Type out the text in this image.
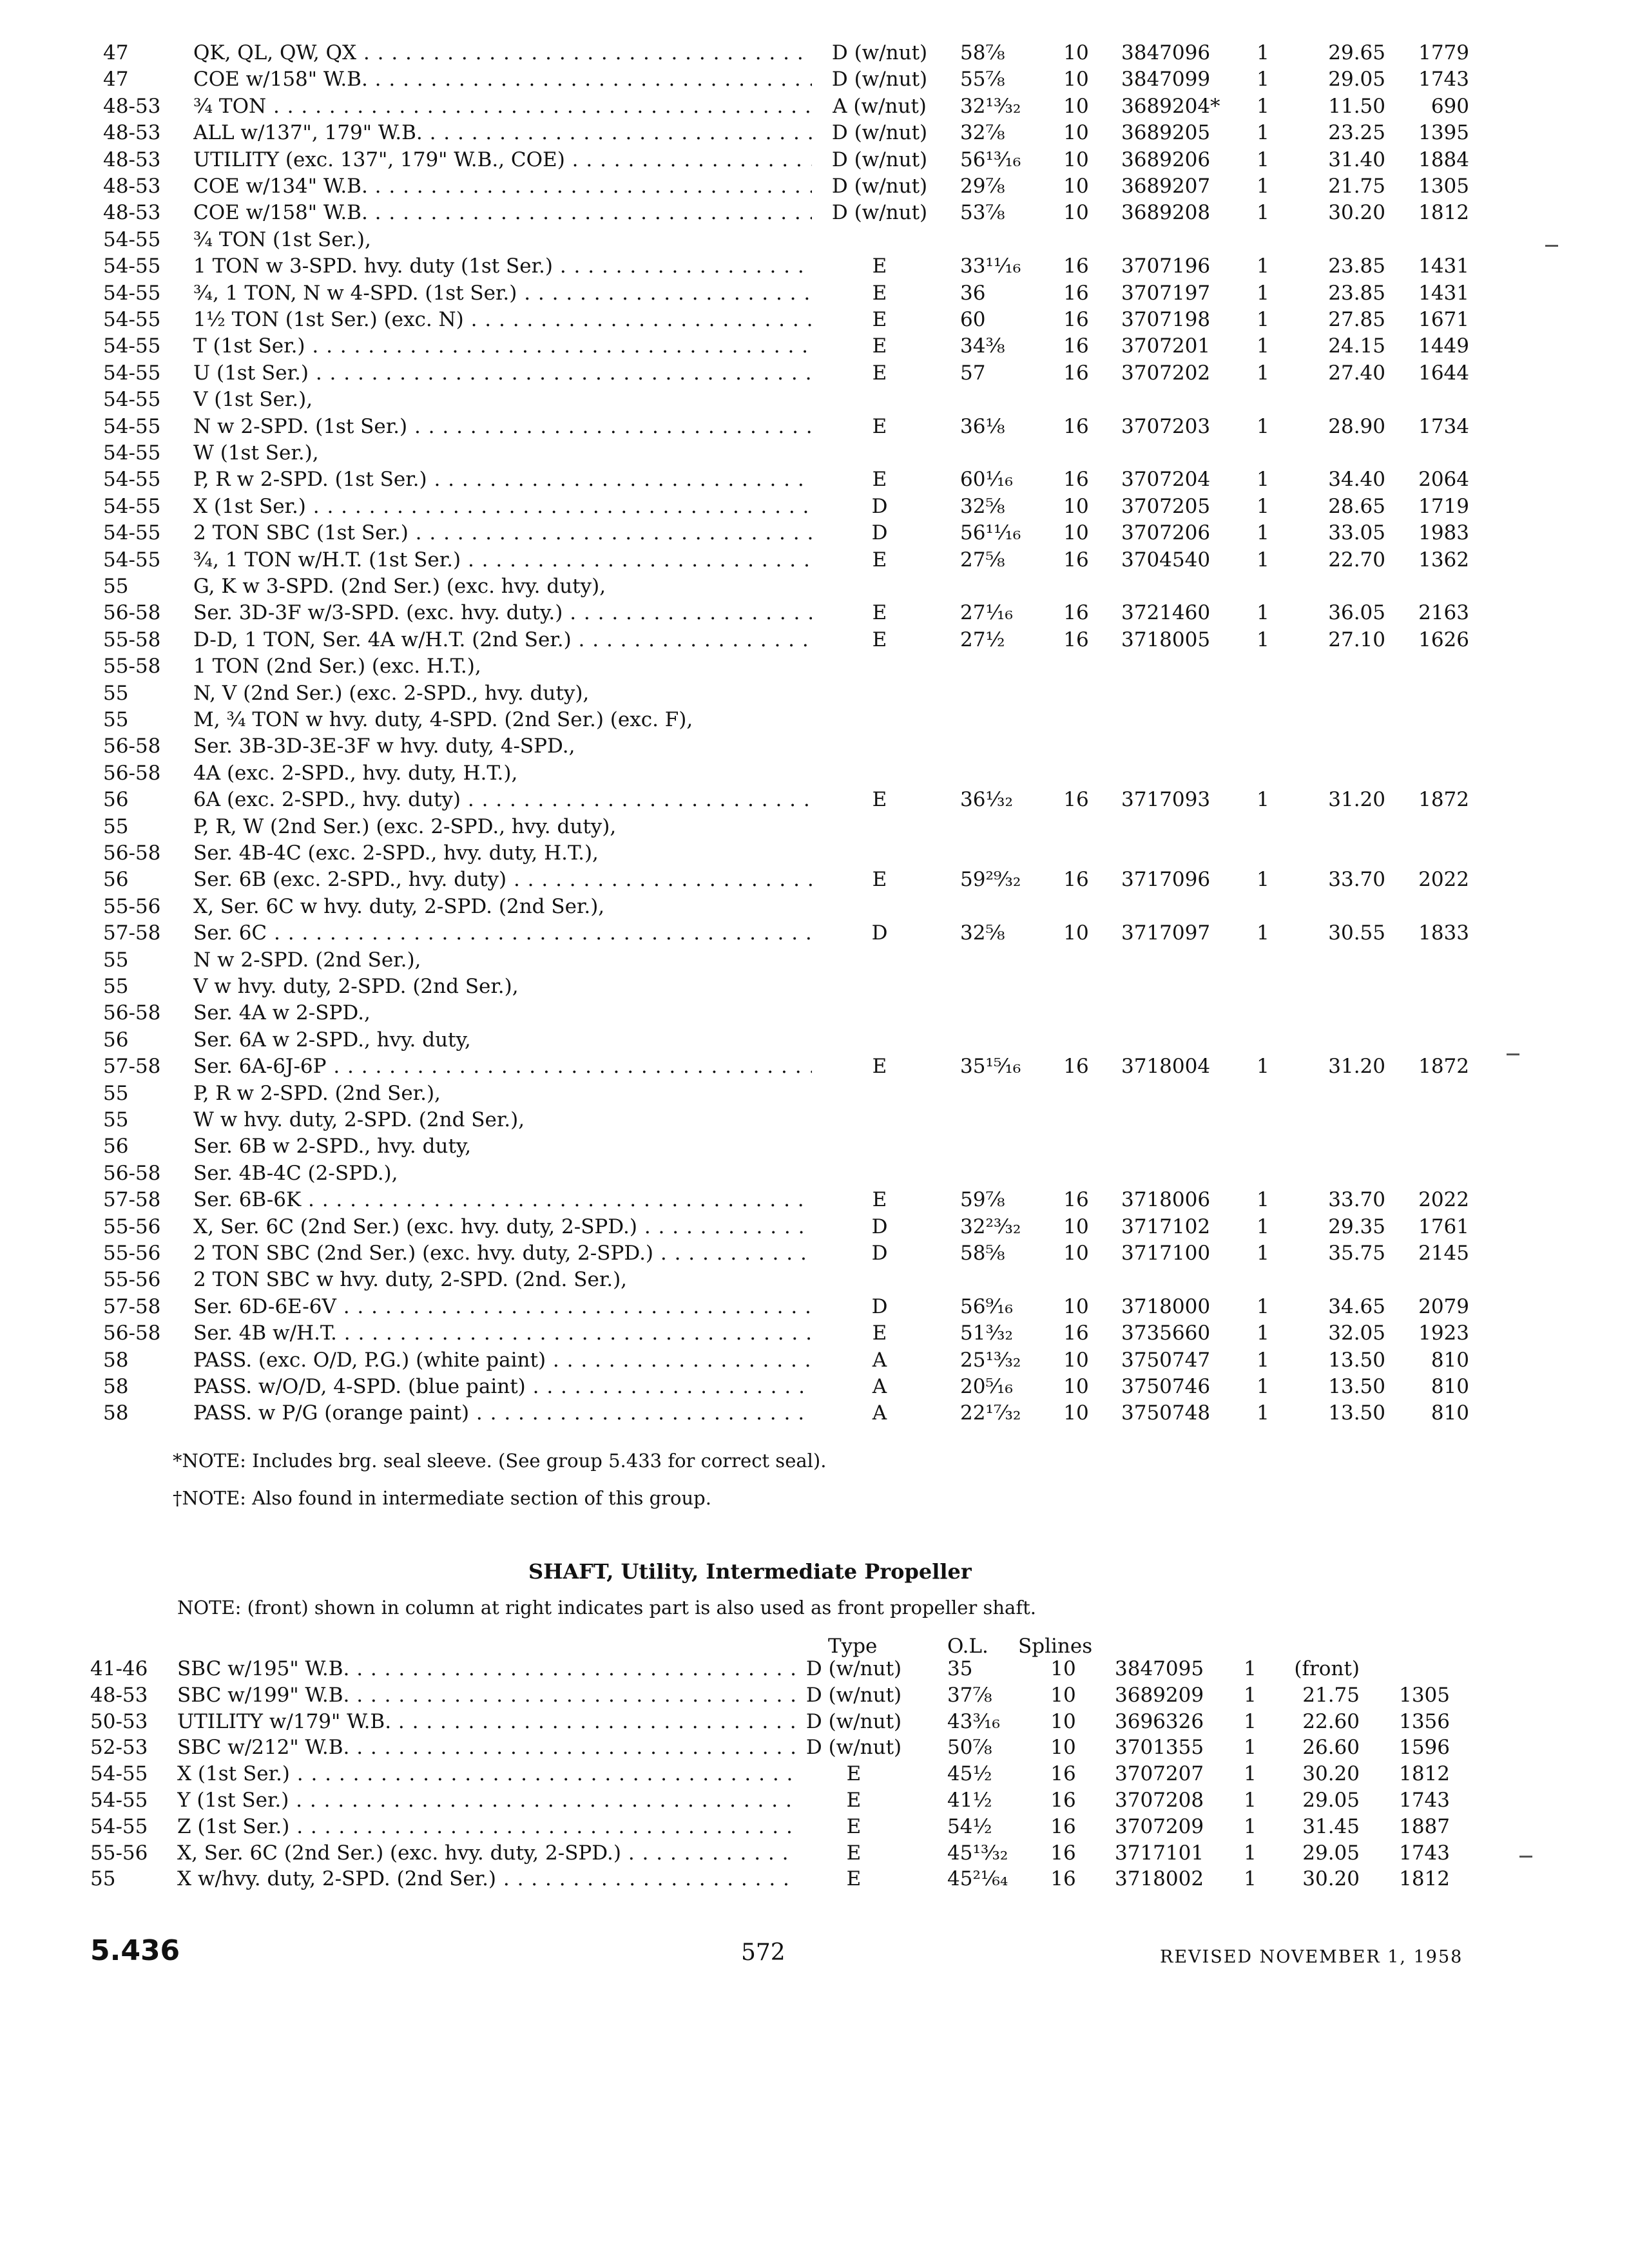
47	QK, QL, QW, QX . . .	D (w/nut)	58⅞	10	3847096	1	29.65	1779
47	COE w/158" W.B. . . .	D (w/nut)	55⅞	10	3847099	1	29.05	1743
48-53	¾ TON . . .	A (w/nut)	32¹³⁄₃₂	10	3689204*	1	11.50	690
48-53	ALL w/137", 179" W.B. . . .	D (w/nut)	32⅞	10	3689205	1	23.25	1395
48-53	UTILITY (exc. 137", 179" W.B., COE) . . .	D (w/nut)	56¹³⁄₁₆	10	3689206	1	31.40	1884
48-53	COE w/134" W.B. . . .	D (w/nut)	29⅞	10	3689207	1	21.75	1305
48-53	COE w/158" W.B. . . .	D (w/nut)	53⅞	10	3689208	1	30.20	1812
54-55	¾ TON (1st Ser.),
54-55	1 TON w 3-SPD. hvy. duty (1st Ser.) . . .	E	33¹¹⁄₁₆	16	3707196	1	23.85	1431
54-55	¾, 1 TON, N w 4-SPD. (1st Ser.) . . .	E	36	16	3707197	1	23.85	1431
54-55	1½ TON (1st Ser.) (exc. N) . . .	E	60	16	3707198	1	27.85	1671
54-55	T (1st Ser.) . . .	E	34⅜	16	3707201	1	24.15	1449
54-55	U (1st Ser.) . . .	E	57	16	3707202	1	27.40	1644
54-55	V (1st Ser.),
54-55	N w 2-SPD. (1st Ser.) . . .	E	36⅛	16	3707203	1	28.90	1734
54-55	W (1st Ser.),
54-55	P, R w 2-SPD. (1st Ser.) . . .	E	60¹⁄₁₆	16	3707204	1	34.40	2064
54-55	X (1st Ser.) . . .	D	32⅝	10	3707205	1	28.65	1719
54-55	2 TON SBC (1st Ser.) . . .	D	56¹¹⁄₁₆	10	3707206	1	33.05	1983
54-55	¾, 1 TON w/H.T. (1st Ser.) . . .	E	27⅝	16	3704540	1	22.70	1362
55	G, K w 3-SPD. (2nd Ser.) (exc. hvy. duty),
56-58	Ser. 3D-3F w/3-SPD. (exc. hvy. duty.) . . .	E	27¹⁄₁₆	16	3721460	1	36.05	2163
55-58	D-D, 1 TON, Ser. 4A w/H.T. (2nd Ser.) . . .	E	27½	16	3718005	1	27.10	1626
55-58	1 TON (2nd Ser.) (exc. H.T.),
55	N, V (2nd Ser.) (exc. 2-SPD., hvy. duty),
55	M, ¾ TON w hvy. duty, 4-SPD. (2nd Ser.) (exc. F),
56-58	Ser. 3B-3D-3E-3F w hvy. duty, 4-SPD.,
56-58	4A (exc. 2-SPD., hvy. duty, H.T.),
56	6A (exc. 2-SPD., hvy. duty) . . .	E	36¹⁄₃₂	16	3717093	1	31.20	1872
55	P, R, W (2nd Ser.) (exc. 2-SPD., hvy. duty),
56-58	Ser. 4B-4C (exc. 2-SPD., hvy. duty, H.T.),
56	Ser. 6B (exc. 2-SPD., hvy. duty) . . .	E	59²⁹⁄₃₂	16	3717096	1	33.70	2022
55-56	X, Ser. 6C w hvy. duty, 2-SPD. (2nd Ser.),
57-58	Ser. 6C . . .	D	32⅝	10	3717097	1	30.55	1833
55	N w 2-SPD. (2nd Ser.),
55	V w hvy. duty, 2-SPD. (2nd Ser.),
56-58	Ser. 4A w 2-SPD.,
56	Ser. 6A w 2-SPD., hvy. duty,
57-58	Ser. 6A-6J-6P . . .	E	35¹⁵⁄₁₆	16	3718004	1	31.20	1872
55	P, R w 2-SPD. (2nd Ser.),
55	W w hvy. duty, 2-SPD. (2nd Ser.),
56	Ser. 6B w 2-SPD., hvy. duty,
56-58	Ser. 4B-4C (2-SPD.),
57-58	Ser. 6B-6K . . .	E	59⅞	16	3718006	1	33.70	2022
55-56	X, Ser. 6C (2nd Ser.) (exc. hvy. duty, 2-SPD.) . . .	D	32²³⁄₃₂	10	3717102	1	29.35	1761
55-56	2 TON SBC (2nd Ser.) (exc. hvy. duty, 2-SPD.) . . .	D	58⅝	10	3717100	1	35.75	2145
55-56	2 TON SBC w hvy. duty, 2-SPD. (2nd. Ser.),
57-58	Ser. 6D-6E-6V . . .	D	56⁹⁄₁₆	10	3718000	1	34.65	2079
56-58	Ser. 4B w/H.T. . . .	E	51³⁄₃₂	16	3735660	1	32.05	1923
58	PASS. (exc. O/D, P.G.) (white paint) . . .	A	25¹³⁄₃₂	10	3750747	1	13.50	810
58	PASS. w/O/D, 4-SPD. (blue paint) . . .	A	20⁵⁄₁₆	10	3750746	1	13.50	810
58	PASS. w P/G (orange paint) . . .	A	22¹⁷⁄₃₂	10	3750748	1	13.50	810
*NOTE: Includes brg. seal sleeve. (See group 5.433 for correct seal).
†NOTE: Also found in intermediate section of this group.
SHAFT, Utility, Intermediate Propeller
NOTE: (front) shown in column at right indicates part is also used as front propeller shaft.
Type	O.L. Splines
41-46	SBC w/195" W.B. . . .	D (w/nut)	35	10	3847095	1	(front)
48-53	SBC w/199" W.B. . . .	D (w/nut)	37⅞	10	3689209	1	21.75	1305
50-53	UTILITY w/179" W.B. . . .	D (w/nut)	43³⁄₁₆	10	3696326	1	22.60	1356
52-53	SBC w/212" W.B. . . .	D (w/nut)	50⅞	10	3701355	1	26.60	1596
54-55	X (1st Ser.) . . .	E	45½	16	3707207	1	30.20	1812
54-55	Y (1st Ser.) . . .	E	41½	16	3707208	1	29.05	1743
54-55	Z (1st Ser.) . . .	E	54½	16	3707209	1	31.45	1887
55-56	X, Ser. 6C (2nd Ser.) (exc. hvy. duty, 2-SPD.) . . .	E	45¹³⁄₃₂	16	3717101	1	29.05	1743
55	X w/hvy. duty, 2-SPD. (2nd Ser.) . . .	E	45²¹⁄₆₄	16	3718002	1	30.20	1812
5.436	572	REVISED NOVEMBER 1, 1958
